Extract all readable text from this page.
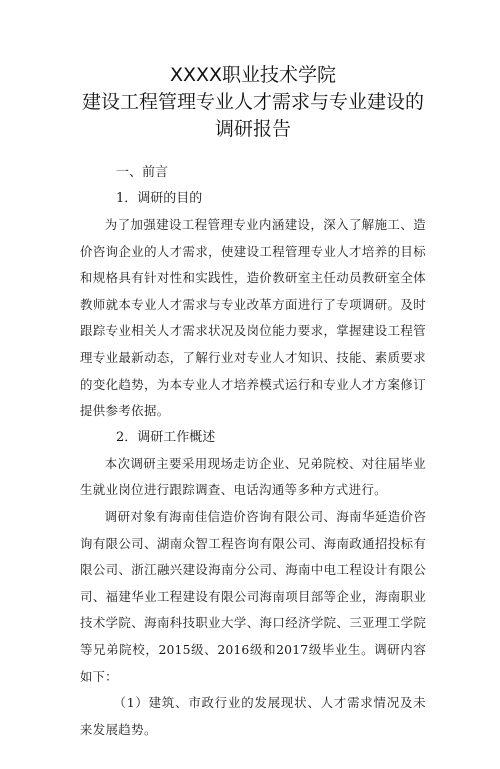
XXXX职业技术学院
建设工程管理专业人才需求与专业建设的
调研报告
一、前言
1．调研的目的
为了加强建设工程管理专业内涵建设，深入了解施工、造价咨询企业的人才需求，使建设工程管理专业人才培养的目标和规格具有针对性和实践性，造价教研室主任动员教研室全体教师就本专业人才需求与专业改革方面进行了专项调研。及时跟踪专业相关人才需求状况及岗位能力要求，掌握建设工程管理专业最新动态，了解行业对专业人才知识、技能、素质要求的变化趋势，为本专业人才培养模式运行和专业人才方案修订提供参考依据。
2．调研工作概述
本次调研主要采用现场走访企业、兄弟院校、对往届毕业生就业岗位进行跟踪调查、电话沟通等多种方式进行。
调研对象有海南佳信造价咨询有限公司、海南华延造价咨询有限公司、湖南众智工程咨询有限公司、海南政通招投标有限公司、浙江融兴建设海南分公司、海南中电工程设计有限公司、福建华业工程建设有限公司海南项目部等企业，海南职业技术学院、海南科技职业大学、海口经济学院、三亚理工学院等兄弟院校，2015级、2016级和2017级毕业生。调研内容如下：
（1）建筑、市政行业的发展现状、人才需求情况及未来发展趋势。
